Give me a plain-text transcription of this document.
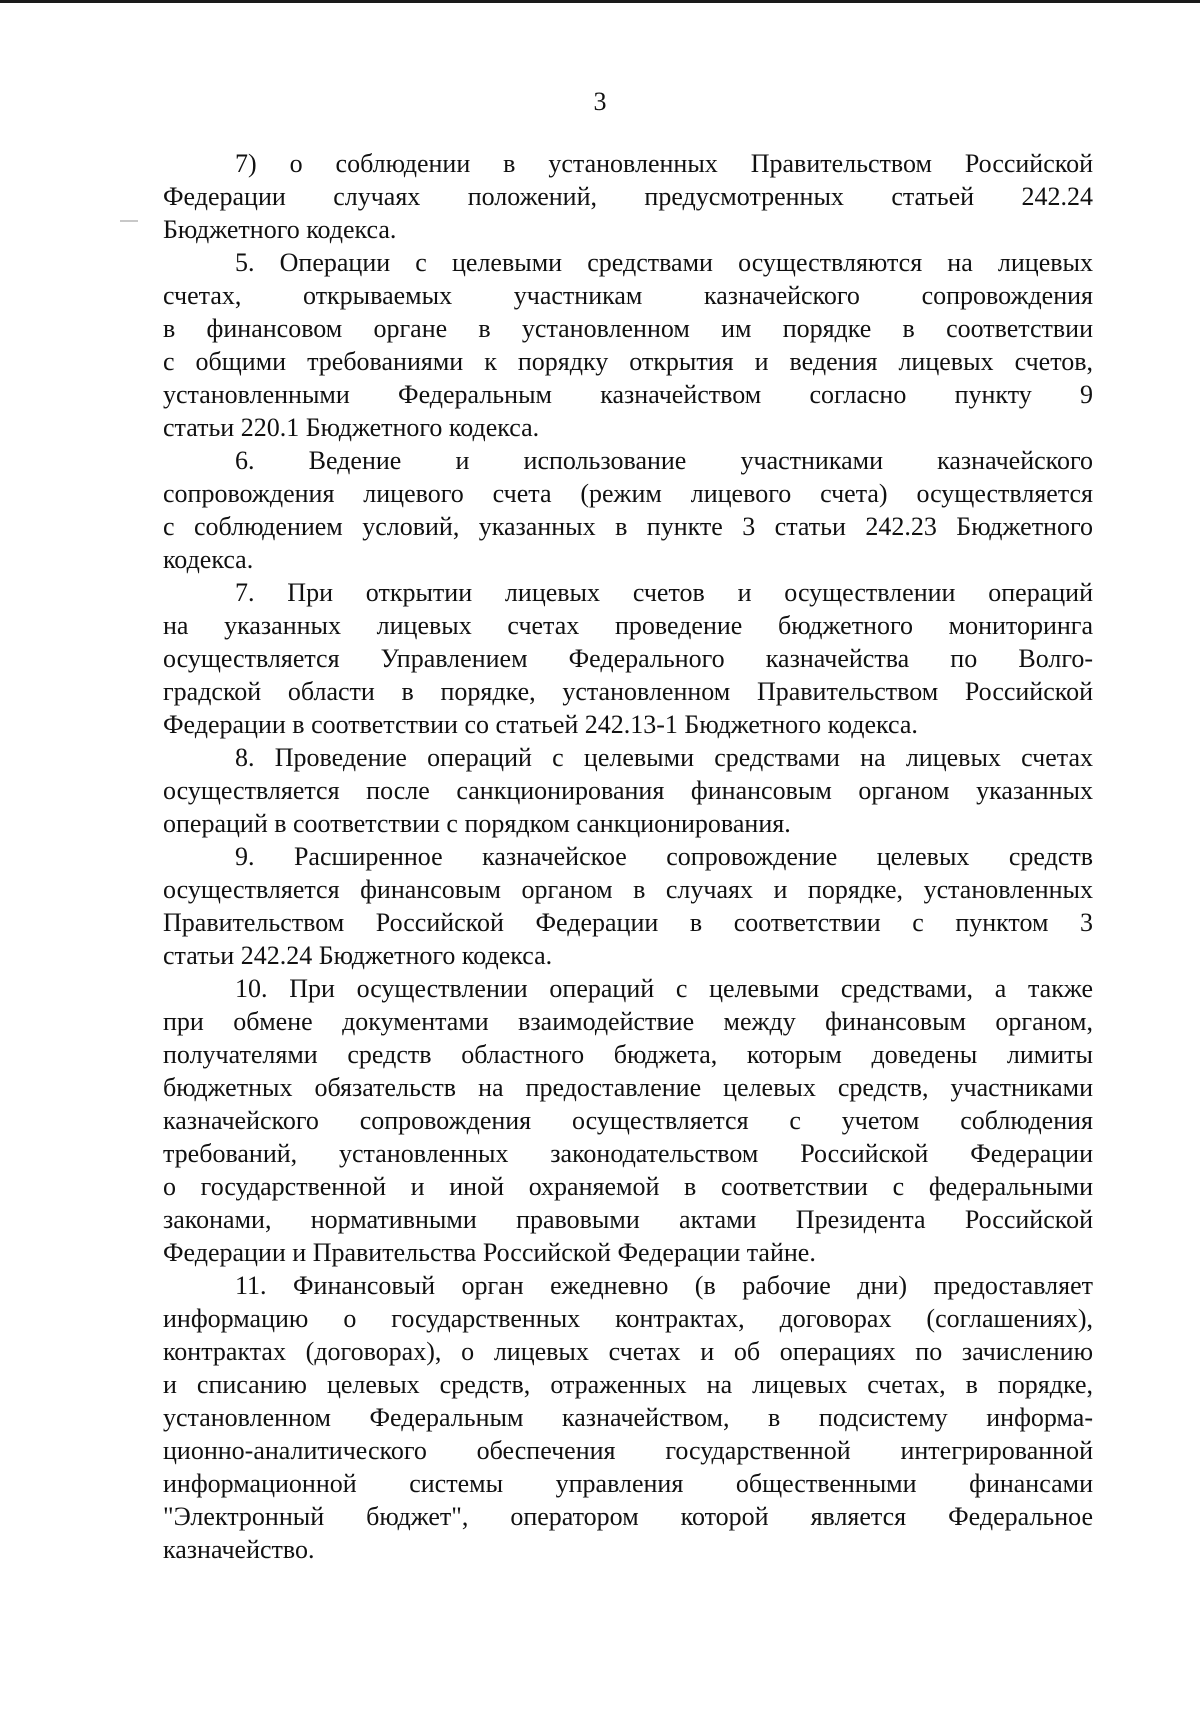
3
7) о соблюдении в установленных Правительством Российской
Федерации случаях положений, предусмотренных статьей 242.24
Бюджетного кодекса.
5. Операции с целевыми средствами осуществляются на лицевых
счетах, открываемых участникам казначейского сопровождения
в финансовом органе в установленном им порядке в соответствии
с общими требованиями к порядку открытия и ведения лицевых счетов,
установленными Федеральным казначейством согласно пункту 9
статьи 220.1 Бюджетного кодекса.
6. Ведение и использование участниками казначейского
сопровождения лицевого счета (режим лицевого счета) осуществляется
с соблюдением условий, указанных в пункте 3 статьи 242.23 Бюджетного
кодекса.
7. При открытии лицевых счетов и осуществлении операций
на указанных лицевых счетах проведение бюджетного мониторинга
осуществляется Управлением Федерального казначейства по Волго-
градской области в порядке, установленном Правительством Российской
Федерации в соответствии со статьей 242.13-1 Бюджетного кодекса.
8. Проведение операций с целевыми средствами на лицевых счетах
осуществляется после санкционирования финансовым органом указанных
операций в соответствии с порядком санкционирования.
9. Расширенное казначейское сопровождение целевых средств
осуществляется финансовым органом в случаях и порядке, установленных
Правительством Российской Федерации в соответствии с пунктом 3
статьи 242.24 Бюджетного кодекса.
10. При осуществлении операций с целевыми средствами, а также
при обмене документами взаимодействие между финансовым органом,
получателями средств областного бюджета, которым доведены лимиты
бюджетных обязательств на предоставление целевых средств, участниками
казначейского сопровождения осуществляется с учетом соблюдения
требований, установленных законодательством Российской Федерации
о государственной и иной охраняемой в соответствии с федеральными
законами, нормативными правовыми актами Президента Российской
Федерации и Правительства Российской Федерации тайне.
11. Финансовый орган ежедневно (в рабочие дни) предоставляет
информацию о государственных контрактах, договорах (соглашениях),
контрактах (договорах), о лицевых счетах и об операциях по зачислению
и списанию целевых средств, отраженных на лицевых счетах, в порядке,
установленном Федеральным казначейством, в подсистему информа-
ционно-аналитического обеспечения государственной интегрированной
информационной системы управления общественными финансами
"Электронный бюджет", оператором которой является Федеральное
казначейство.
